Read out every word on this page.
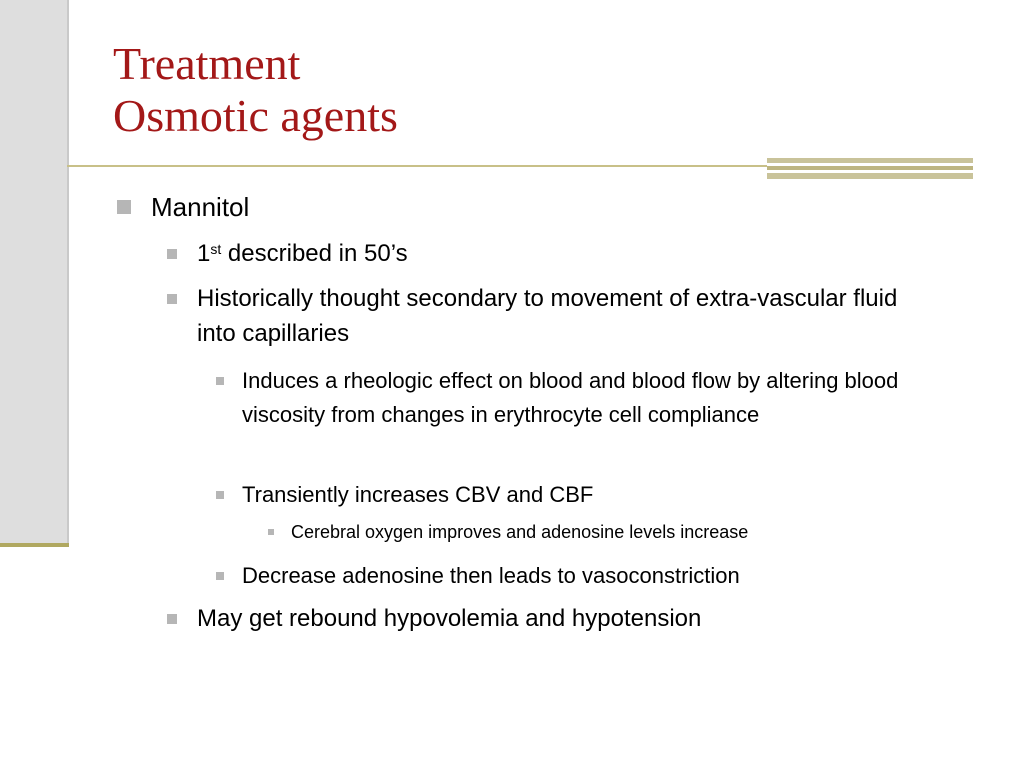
Treatment
Osmotic agents
Mannitol
1st described in 50’s
Historically thought secondary to movement of extra-vascular fluid into capillaries
Induces a rheologic effect on blood and blood flow by altering blood viscosity from changes in erythrocyte cell compliance
Transiently increases CBV and CBF
Cerebral oxygen improves and adenosine levels increase
Decrease adenosine then leads to vasoconstriction
May get rebound hypovolemia and hypotension
